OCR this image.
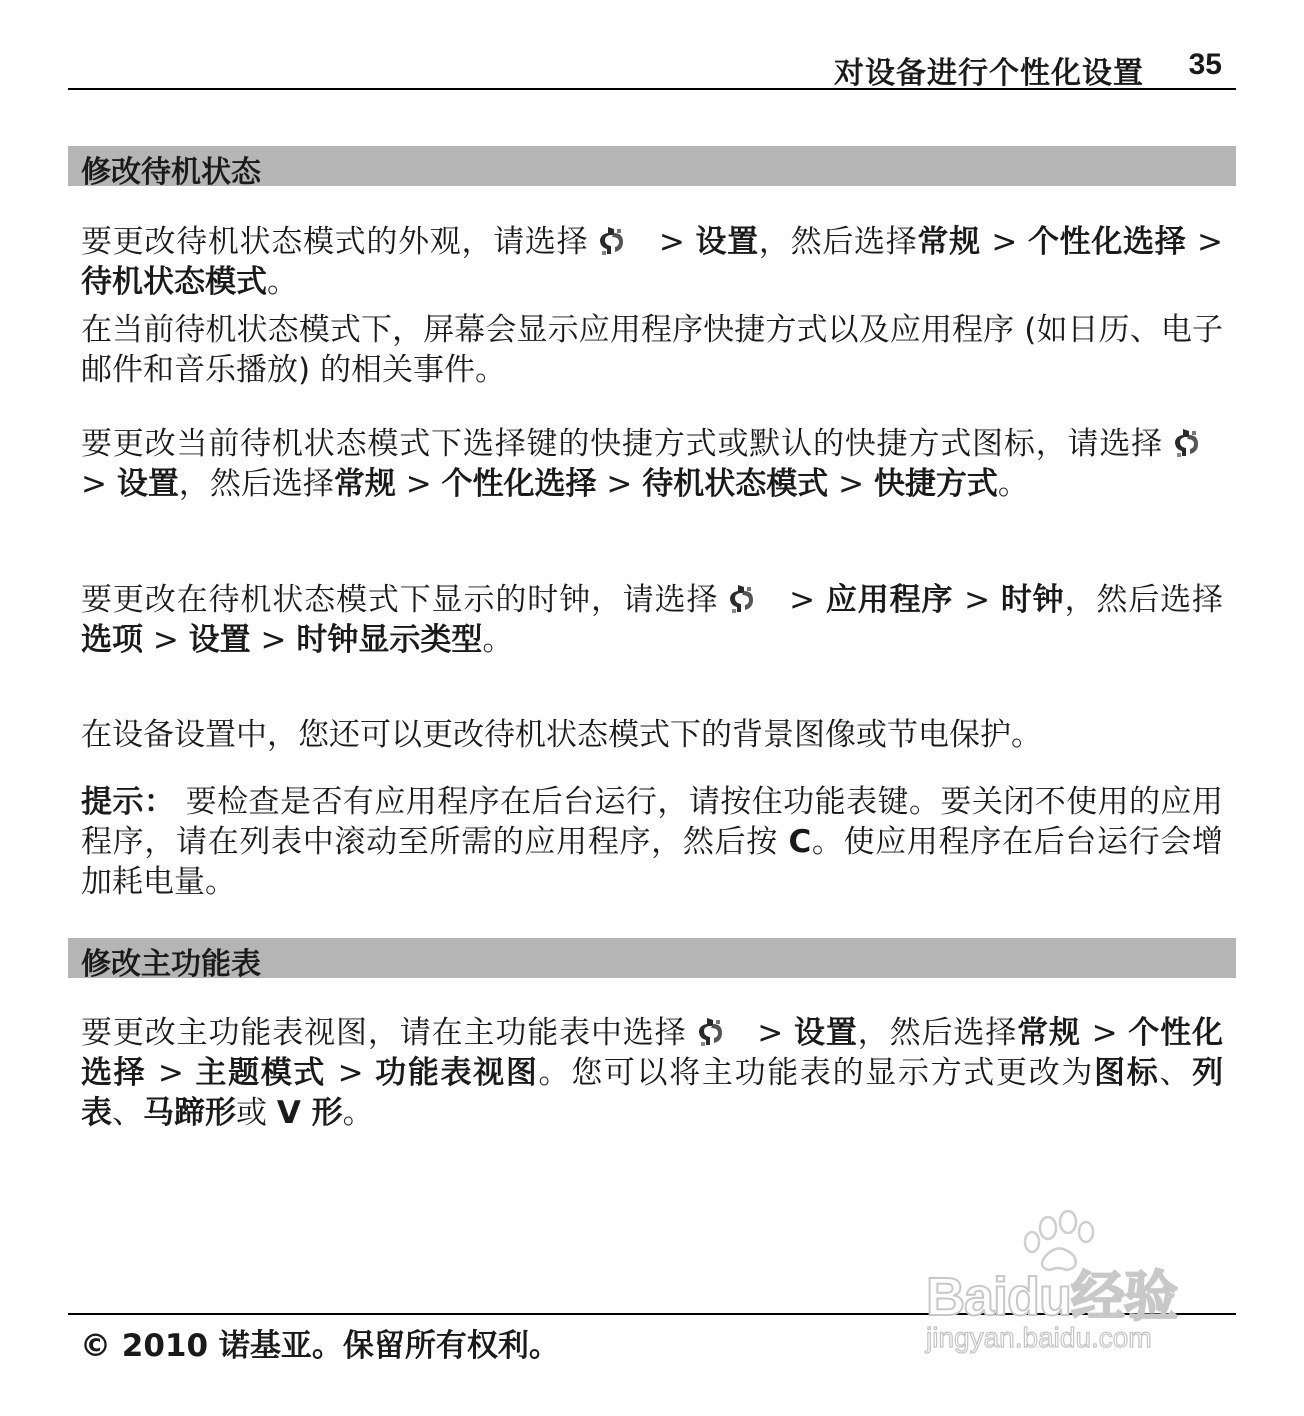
对设备进行个性化设置 35
修改待机状态

要更改待机状态模式的外观，请选择
> 设置，然后选择常规 > 个性化选择 > 待机状态模式。

在当前待机状态模式下，屏幕会显示应用程序快捷方式以及应用程序 (如日历、电子邮件和音乐播放) 的相关事件。

要更改当前待机状态模式下选择键的快捷方式或默认的快捷方式图标，请选择
> 设置，然后选择常规 > 个性化选择 > 待机状态模式 > 快捷方式。

要更改在待机状态模式下显示的时钟，请选择
> 应用程序 > 时钟，然后选择选项 > 设置 > 时钟显示类型。

在设备设置中，您还可以更改待机状态模式下的背景图像或节电保护。

提示： 要检查是否有应用程序在后台运行，请按住功能表键。要关闭不使用的应用程序，请在列表中滚动至所需的应用程序，然后按 C。使应用程序在后台运行会增加耗电量。

修改主功能表

要更改主功能表视图，请在主功能表中选择
> 设置，然后选择常规 > 个性化选择 > 主题模式 > 功能表视图。您可以将主功能表的显示方式更改为图标、列表、马蹄形或 V 形。

© 2010 诺基亚。保留所有权利。
Baidu经验
jingyan.baidu.com
